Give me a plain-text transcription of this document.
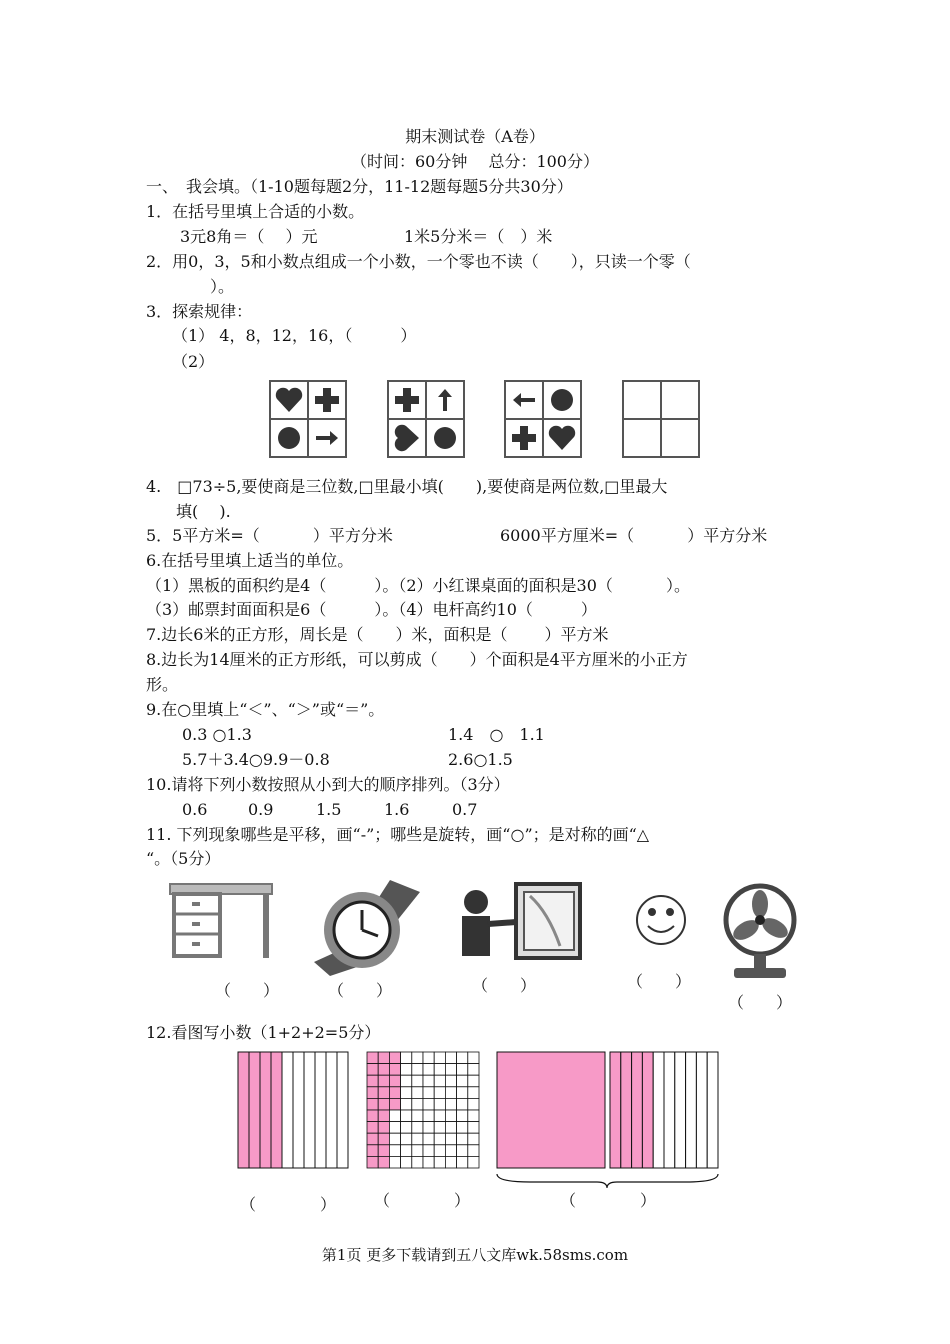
期末测试卷（A卷）
（时间：60分钟　 总分：100分）
一、　我会填。（1-10题每题2分，11-12题每题5分共30分）
1．在括号里填上合适的小数。
3元8角＝（　 ）元	1米5分米＝（　）米
2．用0，3，5和小数点组成一个小数，一个零也不读（　　），只读一个零（
）。
3．探索规律：
（1） 4，8，12，16，（　　　）
（2）
4.　□73÷5,要使商是三位数,□里最小填(　　),要使商是两位数,□里最大
填(　 ).
5．5平方米=（　　　 ）平方分米	6000平方厘米=（　　　 ）平方分米
6.在括号里填上适当的单位。
（1）黑板的面积约是4（　　　）。（2）小红课桌面的面积是30（　　　 ）。
（3）邮票封面面积是6（　　　）。（4）电杆高约10（　　　）
7.边长6米的正方形，周长是（　　）米，面积是（　　 ）平方米
8.边长为14厘米的正方形纸，可以剪成（　　）个面积是4平方厘米的小正方
形。
9.在○里填上“＜”、“＞”或“＝”。
0.3 ○1.3	1.4　○　1.1
5.7＋3.4○9.9－0.8	2.6○1.5
10.请将下列小数按照从小到大的顺序排列。（3分）
0.6	0.9	1.5	1.6	0.7
11. 下列现象哪些是平移，画“-”；哪些是旋转，画“○”；是对称的画“△
“。（5分）
（　　）	（　　）	（　　）	（　　）
（　　）
12.看图写小数（1+2+2=5分）
（　　　　） （　　　　）	（　　　　）
第1页 更多下载请到五八文库wk.58sms.com
